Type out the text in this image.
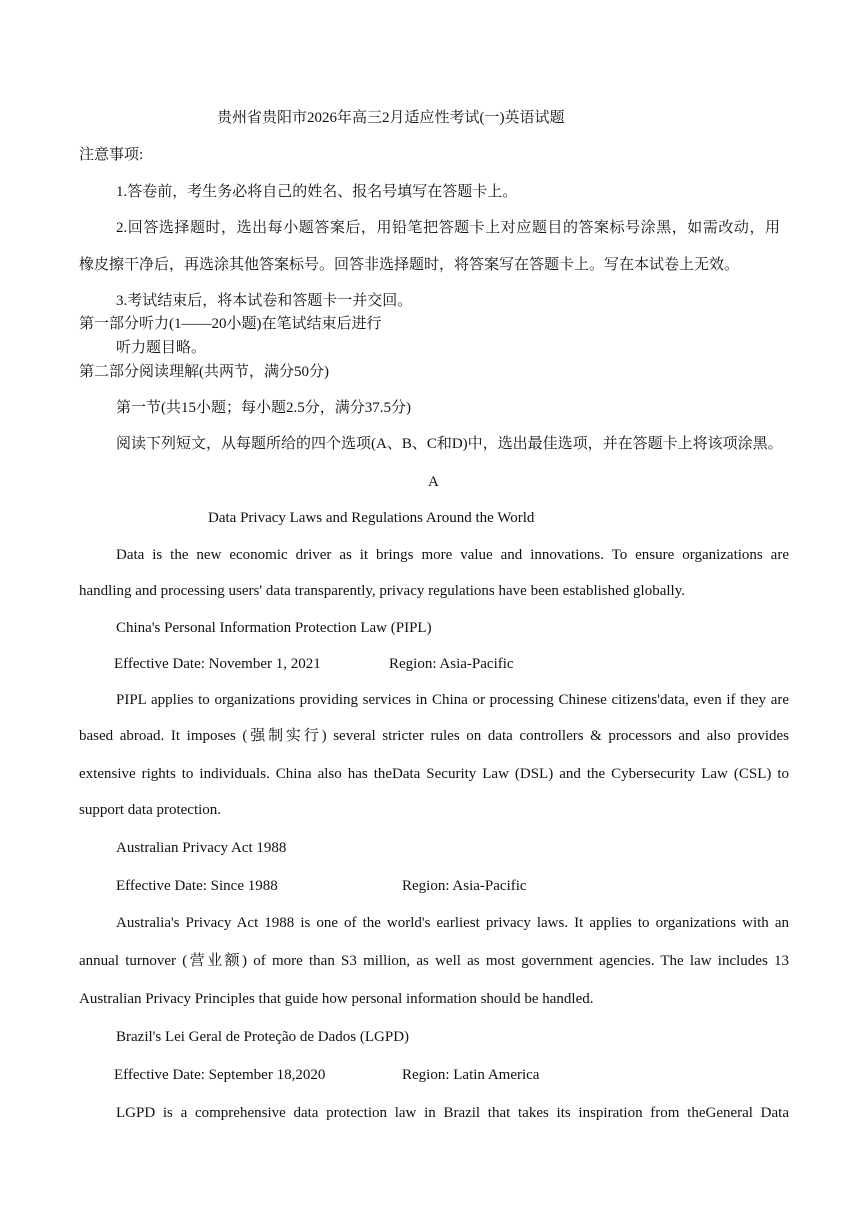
贵州省贵阳市2026年高三2月适应性考试(一)英语试题
注意事项:
1.答卷前，考生务必将自己的姓名、报名号填写在答题卡上。
2.回答选择题时，选出每小题答案后，用铅笔把答题卡上对应题目的答案标号涂黑，如需改动，用
橡皮擦干净后，再选涂其他答案标号。回答非选择题时，将答案写在答题卡上。写在本试卷上无效。
3.考试结束后，将本试卷和答题卡一并交回。
第一部分听力(1——20小题)在笔试结束后进行
听力题目略。
第二部分阅读理解(共两节，满分50分)
第一节(共15小题；每小题2.5分，满分37.5分)
阅读下列短文，从每题所给的四个选项(A、B、C和D)中，选出最佳选项，并在答题卡上将该项涂黑。
A
Data Privacy Laws and Regulations Around the World
Data is the new economic driver as it brings more value and innovations. To ensure organizations are
handling and processing users' data transparently, privacy regulations have been established globally.
China's Personal Information Protection Law (PIPL)
Effective Date: November 1, 2021	Region: Asia-Pacific
PIPL applies to organizations providing services in China or processing Chinese citizens'data, even if they are
based abroad. It imposes (强制实行) several stricter rules on data controllers & processors and also provides
extensive rights to individuals. China also has theData Security Law (DSL) and the Cybersecurity Law (CSL) to
support data protection.
Australian Privacy Act 1988
Effective Date: Since 1988	Region: Asia-Pacific
Australia's Privacy Act 1988 is one of the world's earliest privacy laws. It applies to organizations with an
annual turnover (营业额) of more than S3 million, as well as most government agencies. The law includes 13
Australian Privacy Principles that guide how personal information should be handled.
Brazil's Lei Geral de Proteção de Dados (LGPD)
Effective Date: September 18,2020	Region: Latin America
LGPD is a comprehensive data protection law in Brazil that takes its inspiration from theGeneral Data
